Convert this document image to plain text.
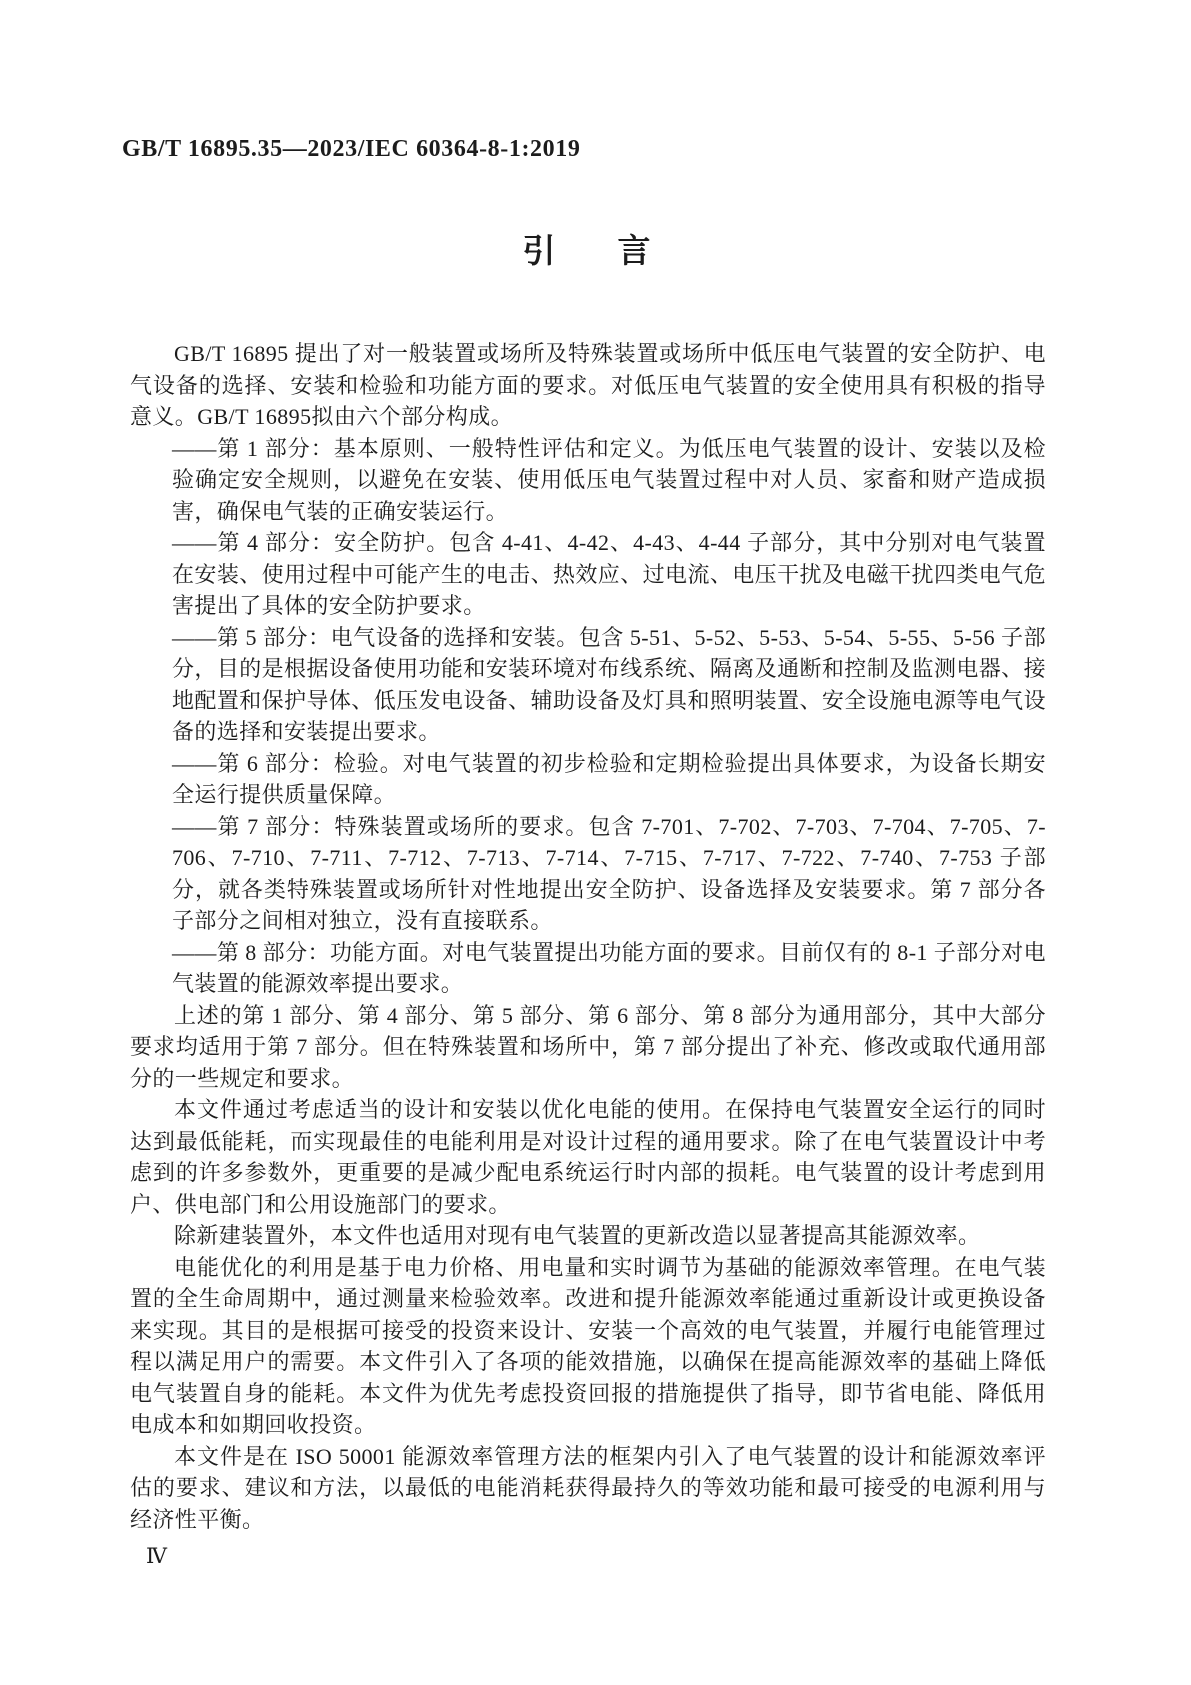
GB/T 16895.35—2023/IEC 60364-8-1:2019
引 言

GB/T 16895 提出了对一般装置或场所及特殊装置或场所中低压电气装置的安全防护、电气设备的选择、安装和检验和功能方面的要求。对低压电气装置的安全使用具有积极的指导意义。GB/T 16895拟由六个部分构成。

——第 1 部分：基本原则、一般特性评估和定义。为低压电气装置的设计、安装以及检验确定安全规则，以避免在安装、使用低压电气装置过程中对人员、家畜和财产造成损害，确保电气装的正确安装运行。

——第 4 部分：安全防护。包含 4-41、4-42、4-43、4-44 子部分，其中分别对电气装置在安装、使用过程中可能产生的电击、热效应、过电流、电压干扰及电磁干扰四类电气危害提出了具体的安全防护要求。

——第 5 部分：电气设备的选择和安装。包含 5-51、5-52、5-53、5-54、5-55、5-56 子部分，目的是根据设备使用功能和安装环境对布线系统、隔离及通断和控制及监测电器、接地配置和保护导体、低压发电设备、辅助设备及灯具和照明装置、安全设施电源等电气设备的选择和安装提出要求。

——第 6 部分：检验。对电气装置的初步检验和定期检验提出具体要求，为设备长期安全运行提供质量保障。

——第 7 部分：特殊装置或场所的要求。包含 7-701、7-702、7-703、7-704、7-705、7-706、7-710、7-711、7-712、7-713、7-714、7-715、7-717、7-722、7-740、7-753 子部分，就各类特殊装置或场所针对性地提出安全防护、设备选择及安装要求。第 7 部分各子部分之间相对独立，没有直接联系。

——第 8 部分：功能方面。对电气装置提出功能方面的要求。目前仅有的 8-1 子部分对电气装置的能源效率提出要求。

上述的第 1 部分、第 4 部分、第 5 部分、第 6 部分、第 8 部分为通用部分，其中大部分要求均适用于第 7 部分。但在特殊装置和场所中，第 7 部分提出了补充、修改或取代通用部分的一些规定和要求。

本文件通过考虑适当的设计和安装以优化电能的使用。在保持电气装置安全运行的同时达到最低能耗，而实现最佳的电能利用是对设计过程的通用要求。除了在电气装置设计中考虑到的许多参数外，更重要的是减少配电系统运行时内部的损耗。电气装置的设计考虑到用户、供电部门和公用设施部门的要求。

除新建装置外，本文件也适用对现有电气装置的更新改造以显著提高其能源效率。

电能优化的利用是基于电力价格、用电量和实时调节为基础的能源效率管理。在电气装置的全生命周期中，通过测量来检验效率。改进和提升能源效率能通过重新设计或更换设备来实现。其目的是根据可接受的投资来设计、安装一个高效的电气装置，并履行电能管理过程以满足用户的需要。本文件引入了各项的能效措施，以确保在提高能源效率的基础上降低电气装置自身的能耗。本文件为优先考虑投资回报的措施提供了指导，即节省电能、降低用电成本和如期回收投资。

本文件是在 ISO 50001 能源效率管理方法的框架内引入了电气装置的设计和能源效率评估的要求、建议和方法，以最低的电能消耗获得最持久的等效功能和最可接受的电源利用与经济性平衡。

Ⅳ
